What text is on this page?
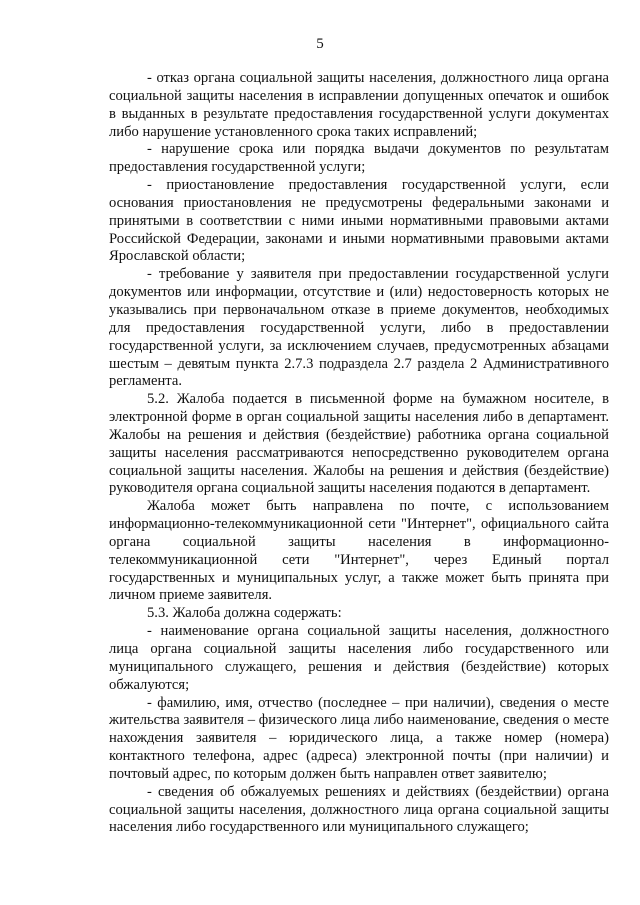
5

- отказ органа социальной защиты населения, должностного лица органа социальной защиты населения в исправлении допущенных опечаток и ошибок в выданных в результате предоставления государственной услуги документах либо нарушение установленного срока таких исправлений;

- нарушение срока или порядка выдачи документов по результатам предоставления государственной услуги;

- приостановление предоставления государственной услуги, если основания приостановления не предусмотрены федеральными законами и принятыми в соответствии с ними иными нормативными правовыми актами Российской Федерации, законами и иными нормативными правовыми актами Ярославской области;

- требование у заявителя при предоставлении государственной услуги документов или информации, отсутствие и (или) недостоверность которых не указывались при первоначальном отказе в приеме документов, необходимых для предоставления государственной услуги, либо в предоставлении государственной услуги, за исключением случаев, предусмотренных абзацами шестым – девятым пункта 2.7.3 подраздела 2.7 раздела 2 Административного регламента.

5.2. Жалоба подается в письменной форме на бумажном носителе, в электронной форме в орган социальной защиты населения либо в департамент. Жалобы на решения и действия (бездействие) работника органа социальной защиты населения рассматриваются непосредственно руководителем органа социальной защиты населения. Жалобы на решения и действия (бездействие) руководителя органа социальной защиты населения подаются в департамент.

Жалоба может быть направлена по почте, с использованием информационно-телекоммуникационной сети "Интернет", официального сайта органа социальной защиты населения в информационно-телекоммуникационной сети "Интернет", через Единый портал государственных и муниципальных услуг, а также может быть принята при личном приеме заявителя.

5.3. Жалоба должна содержать:

- наименование органа социальной защиты населения, должностного лица органа социальной защиты населения либо государственного или муниципального служащего, решения и действия (бездействие) которых обжалуются;

- фамилию, имя, отчество (последнее – при наличии), сведения о месте жительства заявителя – физического лица либо наименование, сведения о месте нахождения заявителя – юридического лица, а также номер (номера) контактного телефона, адрес (адреса) электронной почты (при наличии) и почтовый адрес, по которым должен быть направлен ответ заявителю;

- сведения об обжалуемых решениях и действиях (бездействии) органа социальной защиты населения, должностного лица органа социальной защиты населения либо государственного или муниципального служащего;
